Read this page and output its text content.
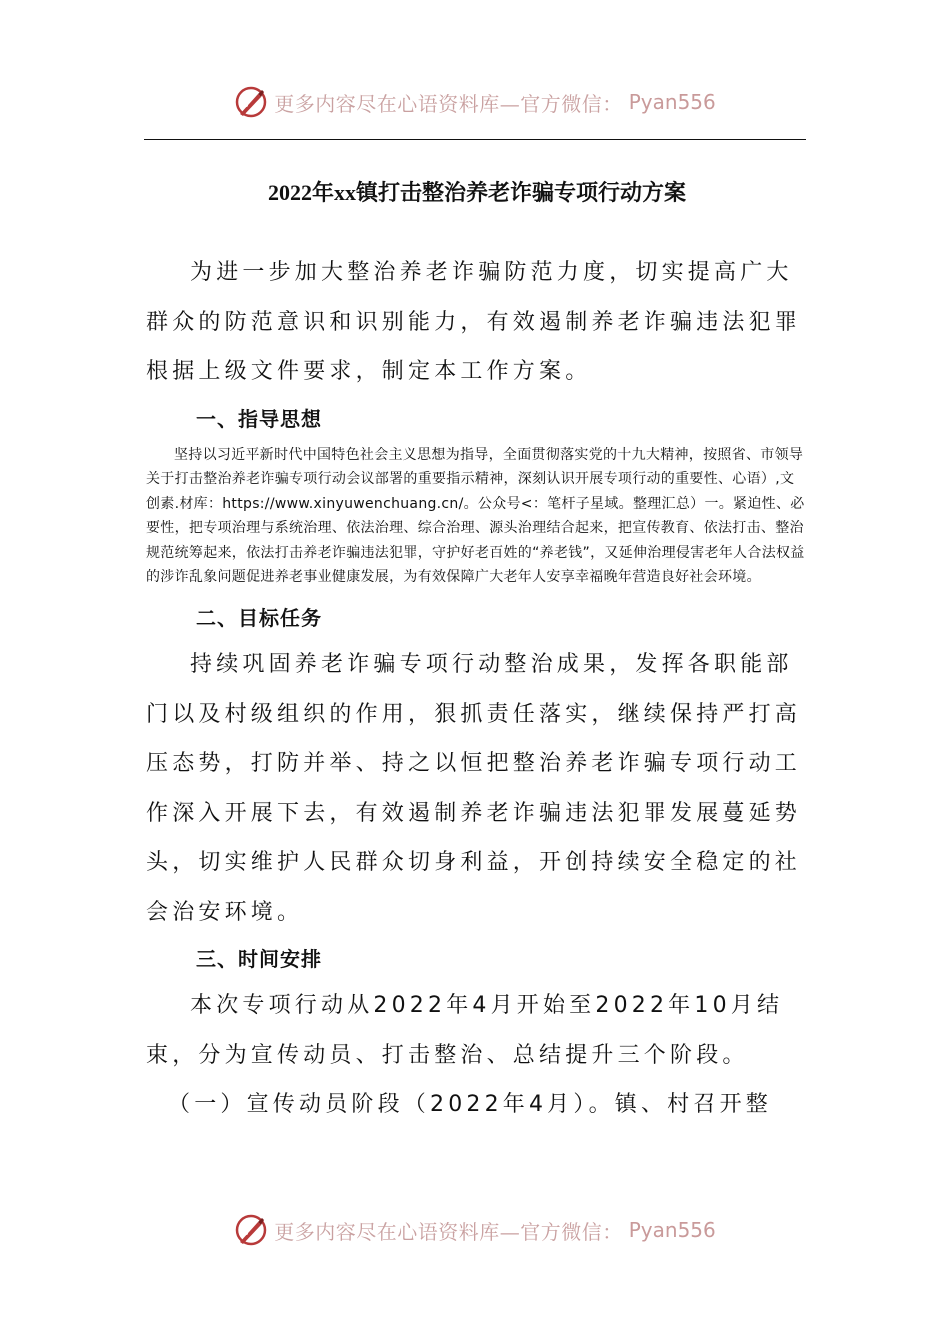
更多内容尽在心语资料库—官方微信： Pyan556
2022年xx镇打击整治养老诈骗专项行动方案

为进一步加大整治养老诈骗防范力度，切实提高广大群众的防范意识和识别能力，有效遏制养老诈骗违法犯罪根据上级文件要求，制定本工作方案。

一、指导思想

坚持以习近平新时代中国特色社会主义思想为指导，全面贯彻落实党的十九大精神，按照省、市领导关于打击整治养老诈骗专项行动会议部署的重要指示精神，深刻认识开展专项行动的重要性、心语）,文创素.材库：https://www.xinyuwenchuang.cn/。公众号<：笔杆子星域。整理汇总）一。紧迫性、必要性，把专项治理与系统治理、依法治理、综合治理、源头治理结合起来，把宣传教育、依法打击、整治规范统筹起来，依法打击养老诈骗违法犯罪，守护好老百姓的“养老钱”，又延伸治理侵害老年人合法权益的涉诈乱象问题促进养老事业健康发展，为有效保障广大老年人安享幸福晚年营造良好社会环境。

二、目标任务

持续巩固养老诈骗专项行动整治成果，发挥各职能部门以及村级组织的作用，狠抓责任落实，继续保持严打高压态势，打防并举、持之以恒把整治养老诈骗专项行动工作深入开展下去，有效遏制养老诈骗违法犯罪发展蔓延势头，切实维护人民群众切身利益，开创持续安全稳定的社会治安环境。

三、时间安排

本次专项行动从2022年4月开始至2022年10月结束，分为宣传动员、打击整治、总结提升三个阶段。

（一）宣传动员阶段（2022年4月）。镇、村召开整

更多内容尽在心语资料库—官方微信： Pyan556
